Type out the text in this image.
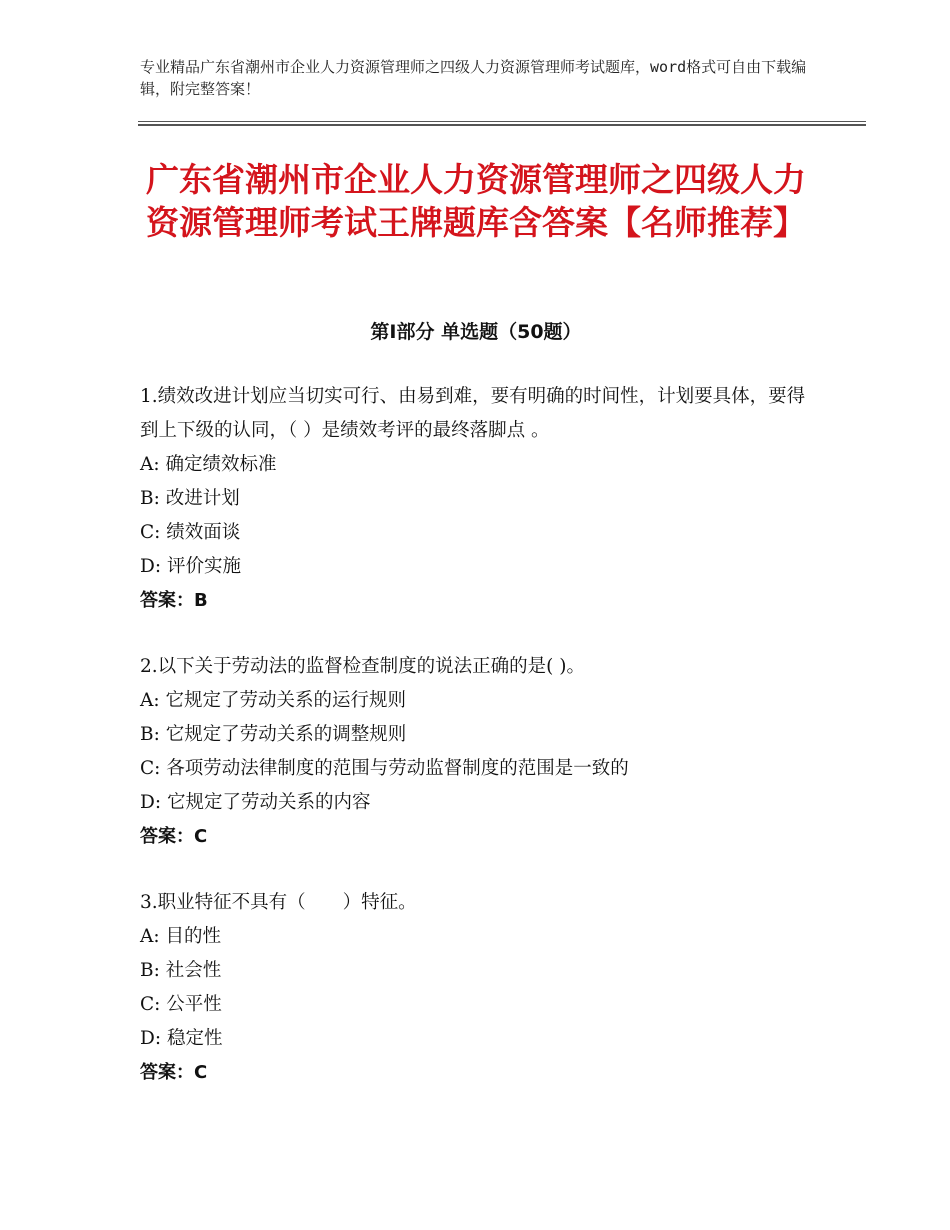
专业精品广东省潮州市企业人力资源管理师之四级人力资源管理师考试题库，word格式可自由下载编辑，附完整答案！
广东省潮州市企业人力资源管理师之四级人力资源管理师考试王牌题库含答案【名师推荐】
第Ⅰ部分 单选题（50题）
1.绩效改进计划应当切实可行、由易到难，要有明确的时间性，计划要具体，要得到上下级的认同，（ ）是绩效考评的最终落脚点 。
A: 确定绩效标准
B: 改进计划
C: 绩效面谈
D: 评价实施
答案：B
2.以下关于劳动法的监督检查制度的说法正确的是( )。
A: 它规定了劳动关系的运行规则
B: 它规定了劳动关系的调整规则
C: 各项劳动法律制度的范围与劳动监督制度的范围是一致的
D: 它规定了劳动关系的内容
答案：C
3.职业特征不具有（　　）特征。
A: 目的性
B: 社会性
C: 公平性
D: 稳定性
答案：C
